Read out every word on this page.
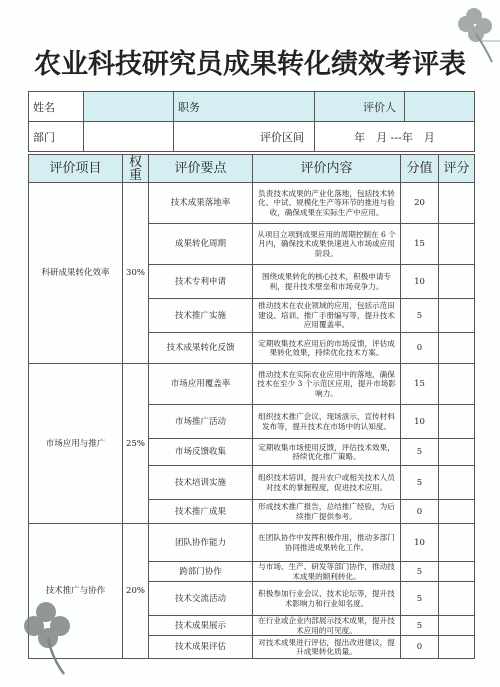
农业科技研究员成果转化绩效考评表
姓名		职务	评价人	
部门		评价区间	年　月 ---年　月	
评价项目	权重	评价要点	评价内容	分值	评分
科研成果转化效率	30%	技术成果落地率	负责技术成果的产业化落地，包括技术转化、中试、规模化生产等环节的推进与验收，确保成果在实际生产中应用。	20	
		成果转化周期	从项目立项到成果应用的周期控制在 6 个月内，确保技术成果快速进入市场或应用阶段。	15	
		技术专利申请	围绕成果转化的核心技术，积极申请专利，提升技术壁垒和市场竞争力。	10	
		技术推广实施	推动技术在农业领域的应用，包括示范田建设、培训、推广手册编写等，提升技术应用覆盖率。	5	
		技术成果转化反馈	定期收集技术应用后的市场反馈，评估成果转化效果，持续优化技术方案。	0	
市场应用与推广	25%	市场应用覆盖率	推动技术在实际农业应用中的落地，确保技术在至少 3 个示范区应用，提升市场影响力。	15	
		市场推广活动	组织技术推广会议、现场演示、宣传材料发布等，提升技术在市场中的认知度。	10	
		市场反馈收集	定期收集市场使用反馈，评估技术效果，持续优化推广策略。	5	
		技术培训实施	组织技术培训，提升农户或相关技术人员对技术的掌握程度，促进技术应用。	5	
		技术推广成果	形成技术推广报告，总结推广经验，为后续推广提供参考。	0	
技术推广与协作	20%	团队协作能力	在团队协作中发挥积极作用，推动多部门协同推进成果转化工作。	10	
		跨部门协作	与市场、生产、研发等部门协作，推动技术成果的顺利转化。	5	
		技术交流活动	积极参加行业会议、技术论坛等，提升技术影响力和行业知名度。	5	
		技术成果展示	在行业或企业内部展示技术成果，提升技术应用的可见度。	5	
		技术成果评估	对技术成果进行评估，提出改进建议，提升成果转化质量。	0	
